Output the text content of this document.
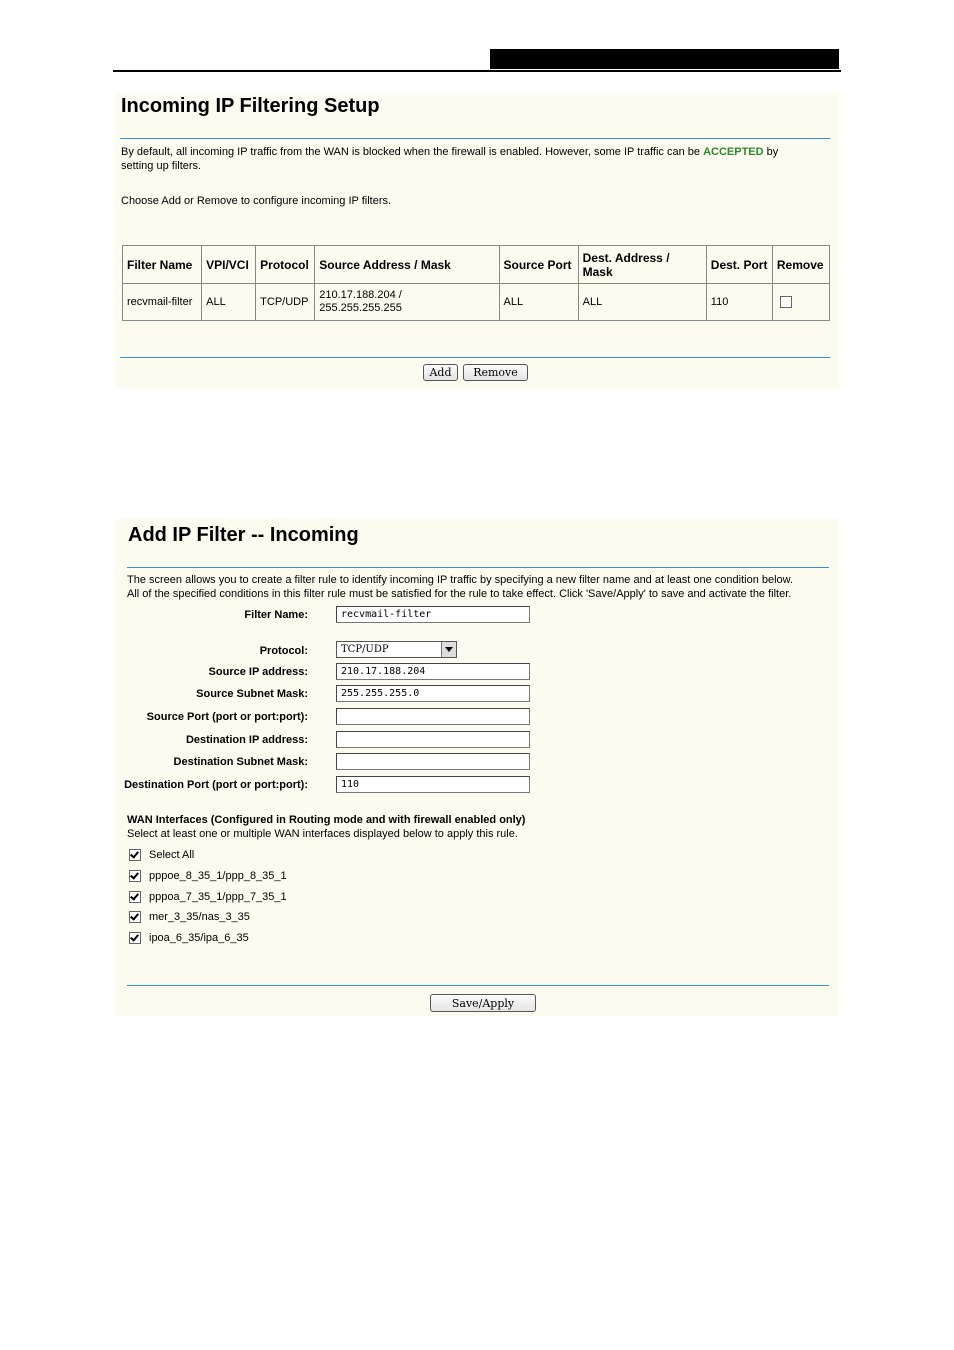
Incoming IP Filtering Setup
By default, all incoming IP traffic from the WAN is blocked when the firewall is enabled. However, some IP traffic can be ACCEPTED by
setting up filters.
Choose Add or Remove to configure incoming IP filters.
Filter Name	VPI/VCI	Protocol	Source Address / Mask	Source Port	Dest. Address / Mask	Dest. Port	Remove
recvmail-filter	ALL	TCP/UDP	210.17.188.204 /
255.255.255.255	ALL	ALL	110	
Add	Remove
Add IP Filter -- Incoming
The screen allows you to create a filter rule to identify incoming IP traffic by specifying a new filter name and at least one condition below.
All of the specified conditions in this filter rule must be satisfied for the rule to take effect. Click 'Save/Apply' to save and activate the filter.
Filter Name:	recvmail-filter
Protocol:	TCP/UDP
Source IP address:	210.17.188.204
Source Subnet Mask:	255.255.255.0
Source Port (port or port:port):
Destination IP address:
Destination Subnet Mask:
Destination Port (port or port:port):	110
WAN Interfaces (Configured in Routing mode and with firewall enabled only)
Select at least one or multiple WAN interfaces displayed below to apply this rule.
Select All
pppoe_8_35_1/ppp_8_35_1
pppoa_7_35_1/ppp_7_35_1
mer_3_35/nas_3_35
ipoa_6_35/ipa_6_35
Save/Apply
